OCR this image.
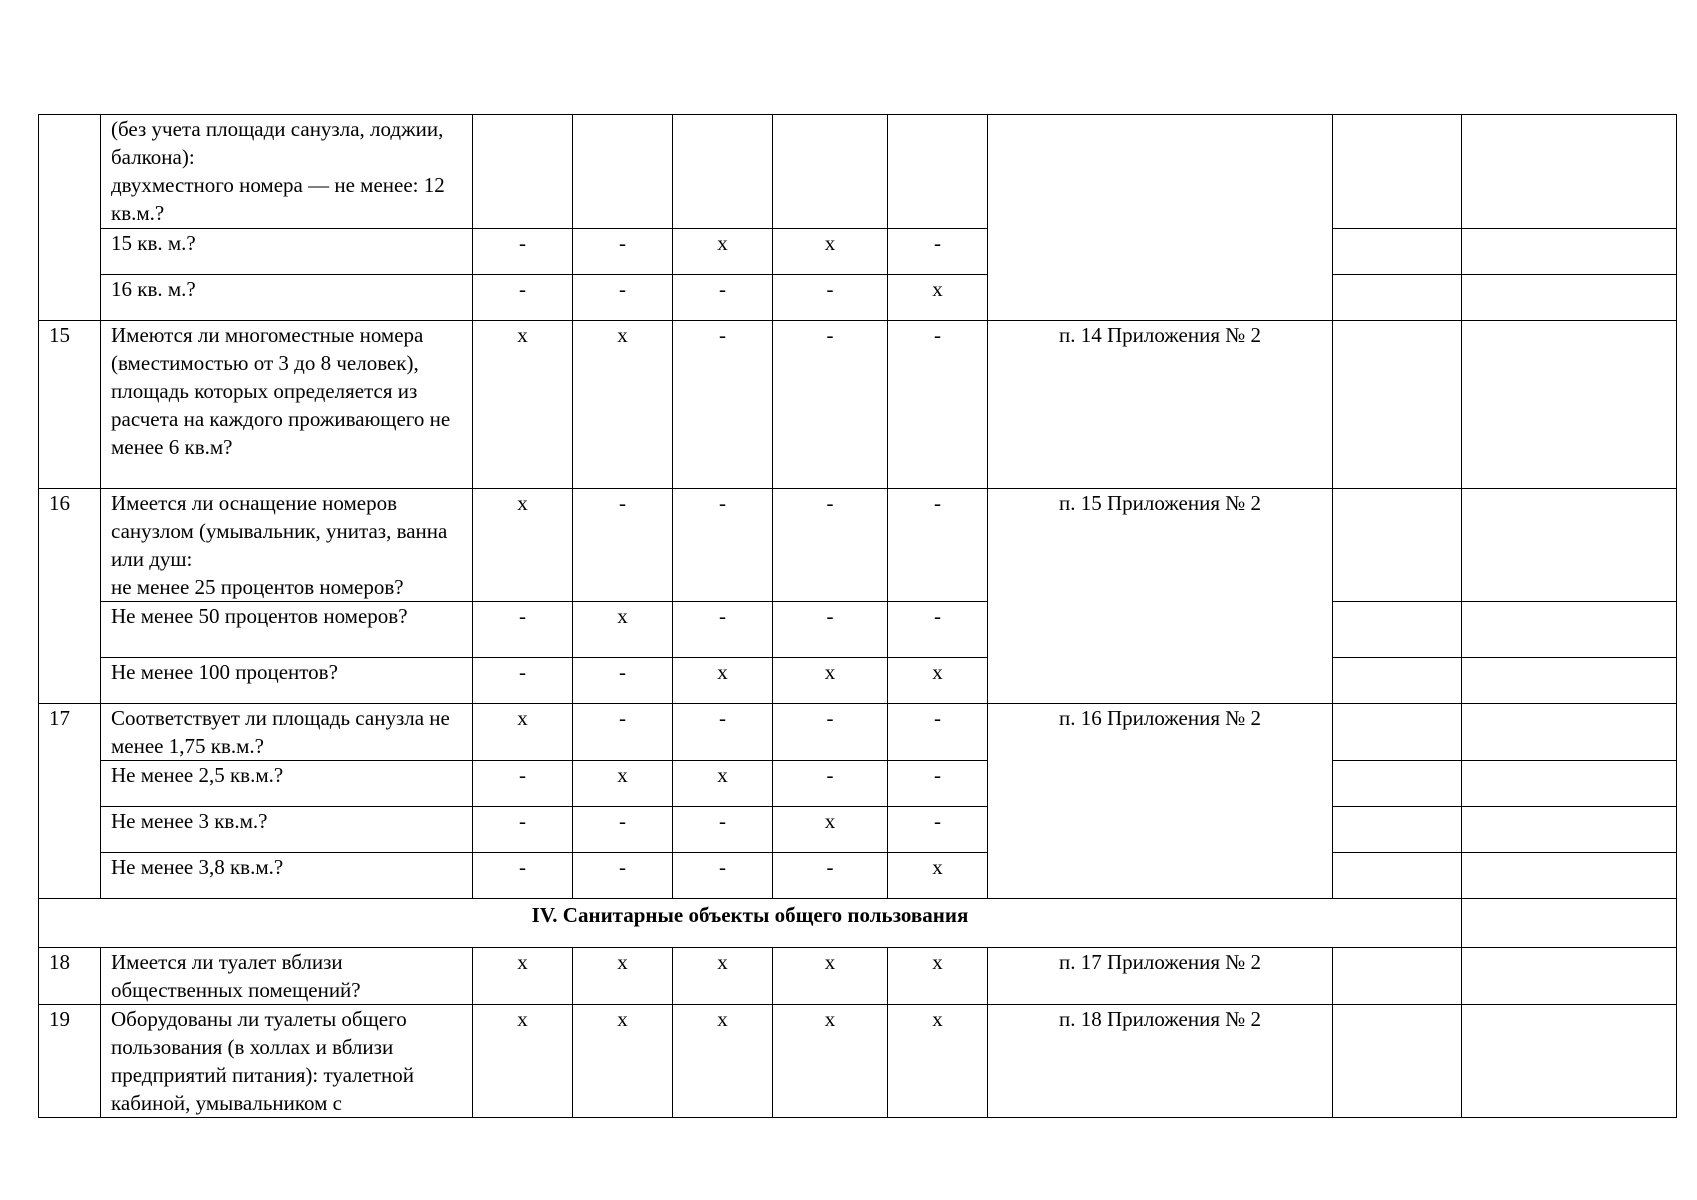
	(без учета площади санузла, лоджии, балкона):
двухместного номера — не менее: 12 кв.м.?								
	15 кв. м.?	-	-	х	х	-			
	16 кв. м.?	-	-	-	-	х			
15	Имеются ли многоместные номера (вместимостью от 3 до 8 человек), площадь которых определяется из расчета на каждого проживающего не менее 6 кв.м?	х	х	-	-	-	п. 14 Приложения № 2		
16	Имеется ли оснащение номеров санузлом (умывальник, унитаз, ванна или душ:
не менее 25 процентов номеров?	х	-	-	-	-	п. 15 Приложения № 2		
	Не менее 50 процентов номеров?	-	х	-	-	-			
	Не менее 100 процентов?	-	-	х	х	х			
17	Соответствует ли площадь санузла не менее 1,75 кв.м.?	х	-	-	-	-	п. 16 Приложения № 2		
	Не менее 2,5 кв.м.?	-	х	х	-	-			
	Не менее 3 кв.м.?	-	-	-	х	-			
	Не менее 3,8 кв.м.?	-	-	-	-	х			
IV. Санитарные объекты общего пользования									
18	Имеется ли туалет вблизи общественных помещений?	х	х	х	х	х	п. 17 Приложения № 2		
19	Оборудованы ли туалеты общего пользования (в холлах и вблизи предприятий питания): туалетной кабиной, умывальником с	х	х	х	х	х	п. 18 Приложения № 2		
